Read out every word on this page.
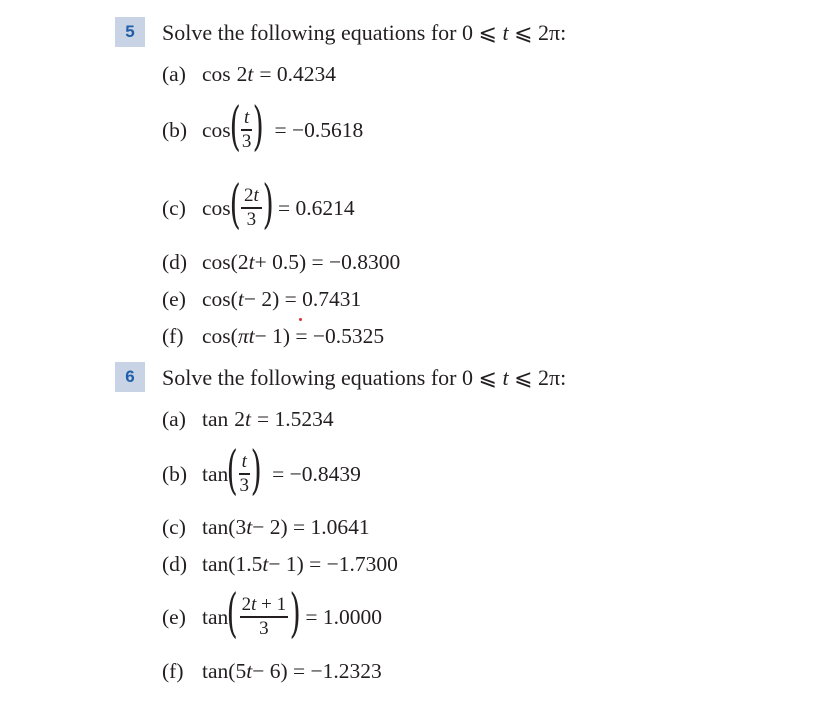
5	Solve the following equations for 0 ⩽ t ⩽ 2π:
(a) cos 2 t = 0.4234
(b) cos
( $\frac{t}{3}$ ) = −0.5618
(c) cos
( $\frac{2t}{3}$ ) = 0.6214
(d) cos (2 t + 0.5) = −0.8300
(e) cos ( t − 2) = 0.7431
(f) cos ( πt − 1) = −0.5325
6	Solve the following equations for 0 ⩽ t ⩽ 2π:
(a) tan 2 t = 1.5234
(b) tan
( $\frac{t}{3}$ ) = −0.8439
(c) tan (3 t − 2) = 1.0641
(d) tan (1.5 t − 1) = −1.7300
(e) tan
( $\frac{2t + 1}{3}$ ) = 1.0000
(f) tan (5 t − 6) = −1.2323
